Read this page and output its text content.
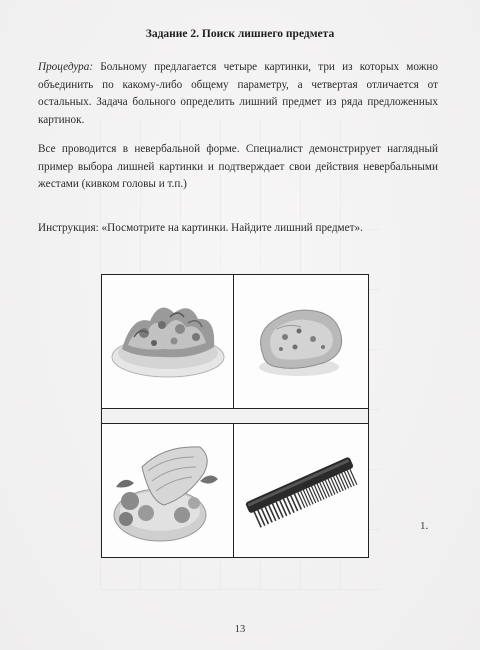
Задание 2. Поиск лишнего предмета

Процедура: Больному предлагается четыре картинки, три из которых можно объединить по какому-либо общему параметру, а четвертая отличается от остальных. Задача больного определить лишний предмет из ряда предложенных картинок.

Все проводится в невербальной форме. Специалист демонстрирует наглядный пример выбора лишней картинки и подтверждает свои действия невербальными жестами (кивком головы и т.п.)

Инструкция: «Посмотрите на картинки. Найдите лишний предмет».

1.
13
